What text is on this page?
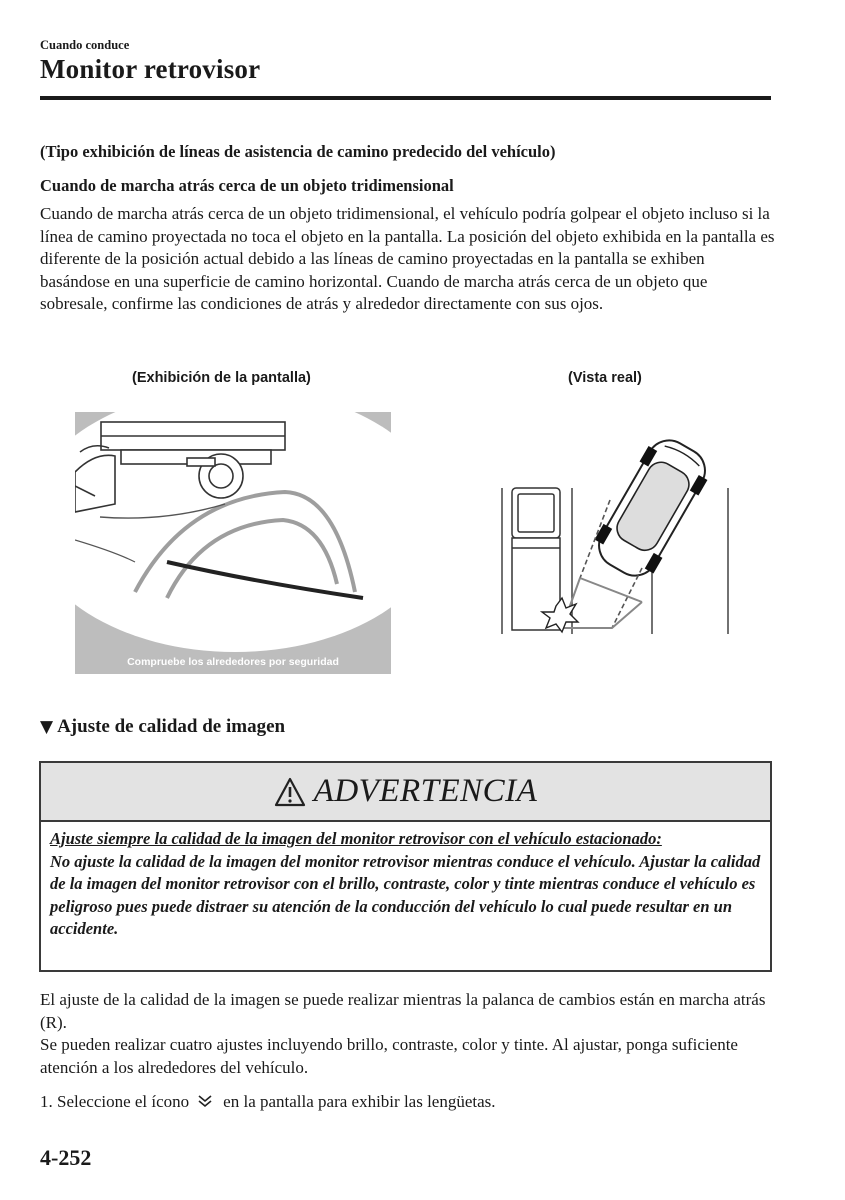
Cuando conduce
Monitor retrovisor
(Tipo exhibición de líneas de asistencia de camino predecido del vehículo)
Cuando de marcha atrás cerca de un objeto tridimensional
Cuando de marcha atrás cerca de un objeto tridimensional, el vehículo podría golpear el objeto incluso si la línea de camino proyectada no toca el objeto en la pantalla. La posición del objeto exhibida en la pantalla es diferente de la posición actual debido a las líneas de camino proyectadas en la pantalla se exhiben basándose en una superficie de camino horizontal. Cuando de marcha atrás cerca de un objeto que sobresale, confirme las condiciones de atrás y alrededor directamente con sus ojos.
(Exhibición de la pantalla)	(Vista real)
Compruebe los alrededores por seguridad
▼ Ajuste de calidad de imagen
ADVERTENCIA
Ajuste siempre la calidad de la imagen del monitor retrovisor con el vehículo estacionado:
No ajuste la calidad de la imagen del monitor retrovisor mientras conduce el vehículo. Ajustar la calidad de la imagen del monitor retrovisor con el brillo, contraste, color y tinte mientras conduce el vehículo es peligroso pues puede distraer su atención de la conducción del vehículo lo cual puede resultar en un accidente.
El ajuste de la calidad de la imagen se puede realizar mientras la palanca de cambios están en marcha atrás (R).
Se pueden realizar cuatro ajustes incluyendo brillo, contraste, color y tinte. Al ajustar, ponga suficiente atención a los alrededores del vehículo.
1. Seleccione el ícono en la pantalla para exhibir las lengüetas.
4-252
